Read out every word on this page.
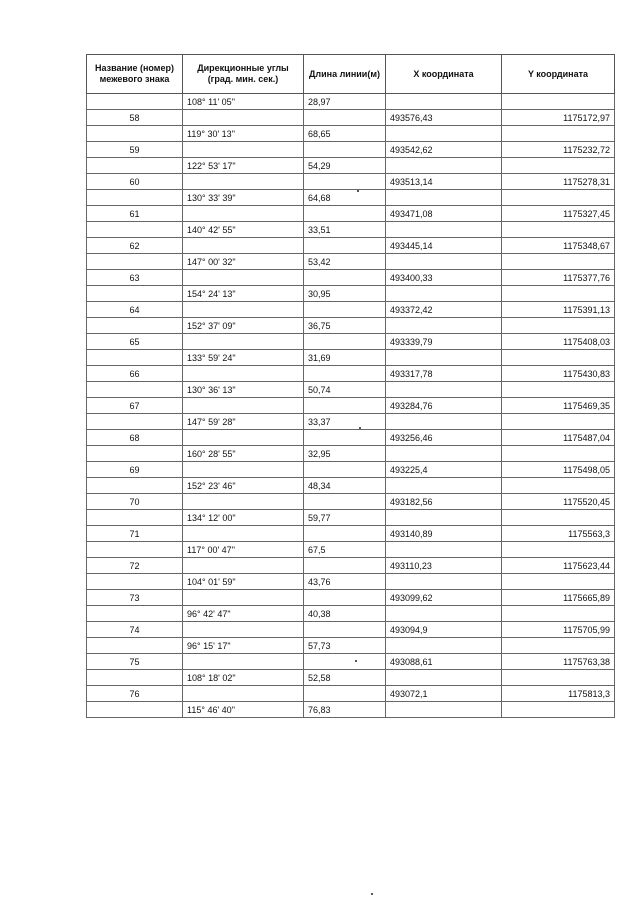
Название (номер) межевого знака	Дирекционные углы (град. мин. сек.)	Длина линии(м)	X координата	Y координата
	108° 11' 05"	28,97		
58			493576,43	1175172,97
	119° 30' 13"	68,65		
59			493542,62	1175232,72
	122° 53' 17"	54,29		
60			493513,14	1175278,31
	130° 33' 39"	64,68		
61			493471,08	1175327,45
	140° 42' 55"	33,51		
62			493445,14	1175348,67
	147° 00' 32"	53,42		
63			493400,33	1175377,76
	154° 24' 13"	30,95		
64			493372,42	1175391,13
	152° 37' 09"	36,75		
65			493339,79	1175408,03
	133° 59' 24"	31,69		
66			493317,78	1175430,83
	130° 36' 13"	50,74		
67			493284,76	1175469,35
	147° 59' 28"	33,37		
68			493256,46	1175487,04
	160° 28' 55"	32,95		
69			493225,4	1175498,05
	152° 23' 46"	48,34		
70			493182,56	1175520,45
	134° 12' 00"	59,77		
71			493140,89	1175563,3
	117° 00' 47"	67,5		
72			493110,23	1175623,44
	104° 01' 59"	43,76		
73			493099,62	1175665,89
	96° 42' 47"	40,38		
74			493094,9	1175705,99
	96° 15' 17"	57,73		
75			493088,61	1175763,38
	108° 18' 02"	52,58		
76			493072,1	1175813,3
	115° 46' 40"	76,83		
